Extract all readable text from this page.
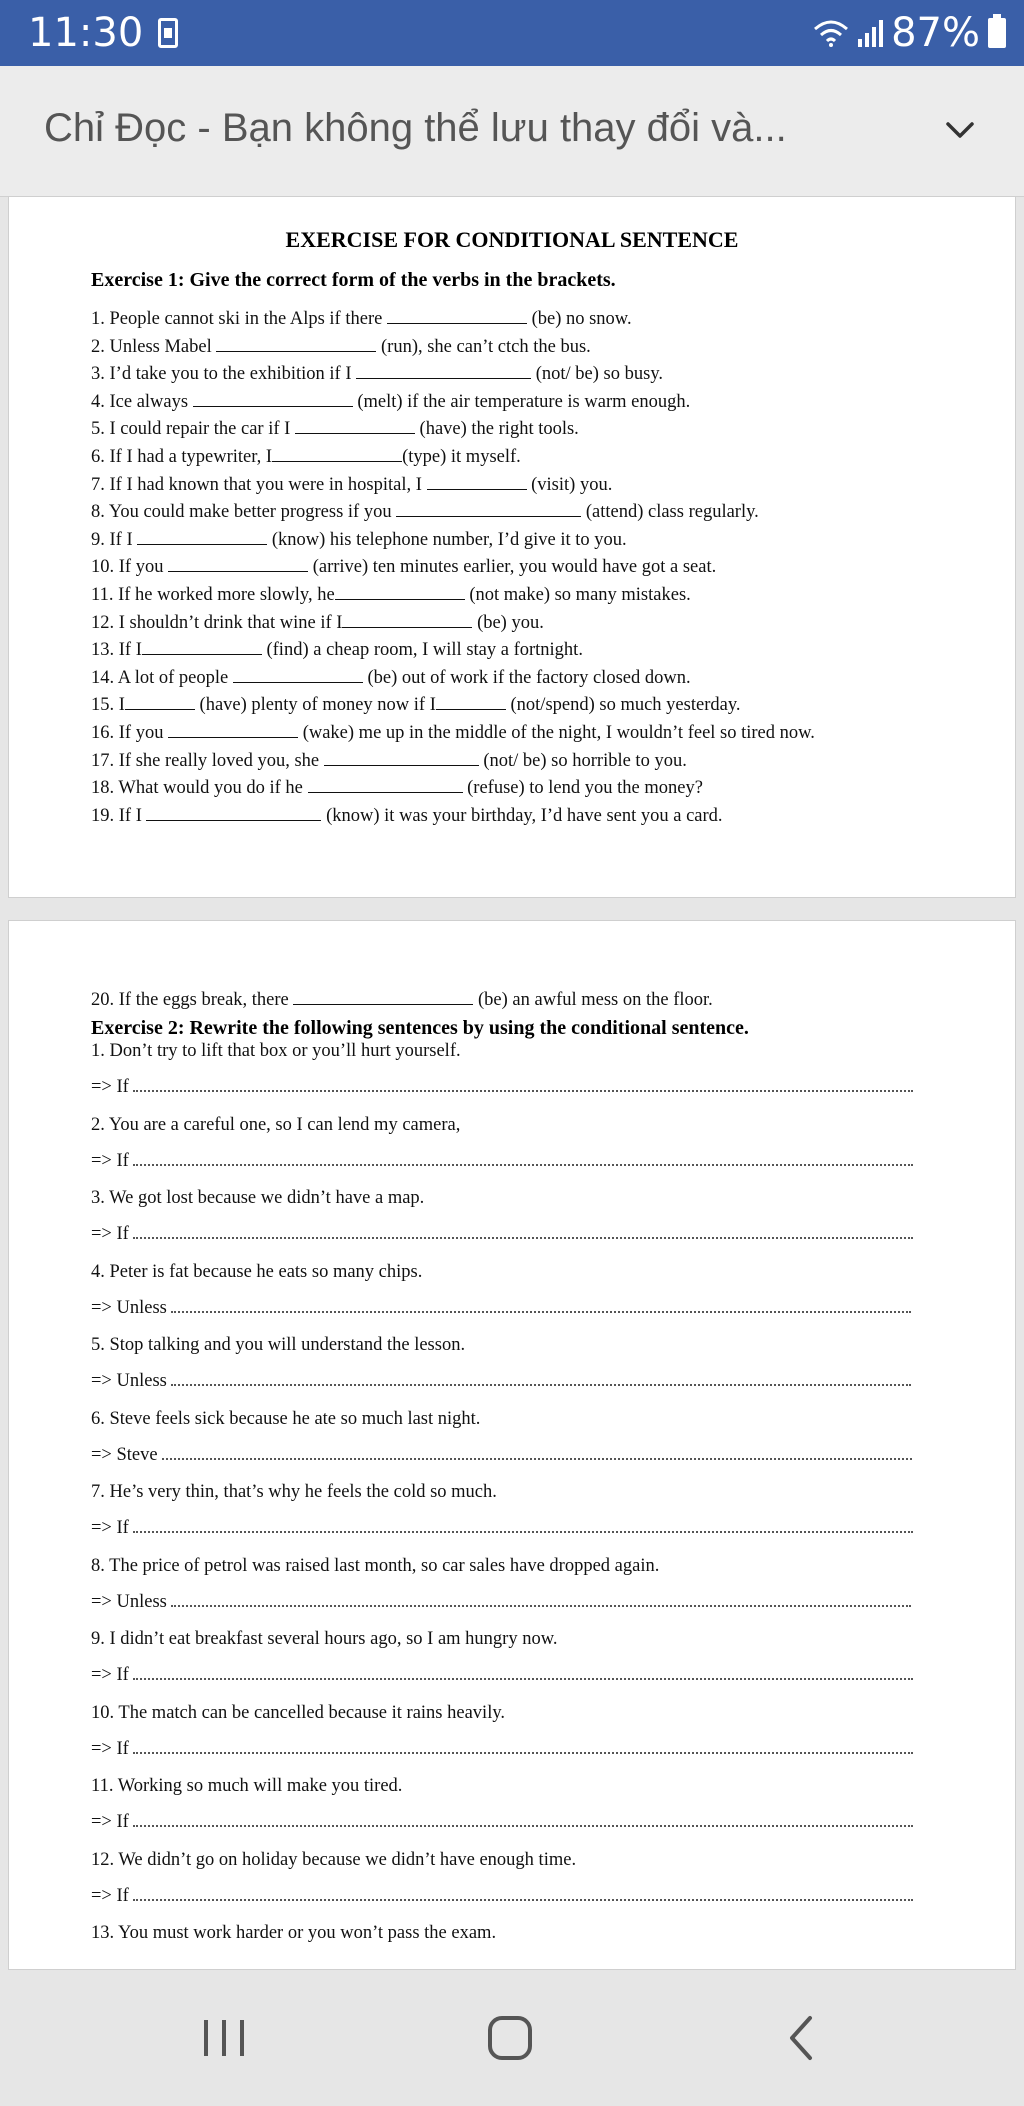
11:30	87%
Chỉ Đọc - Bạn không thể lưu thay đổi và...
EXERCISE FOR CONDITIONAL SENTENCE
Exercise 1: Give the correct form of the verbs in the brackets.
1. People cannot ski in the Alps if there	(be) no snow.
2. Unless Mabel	(run), she can’t ctch the bus.
3. I’d take you to the exhibition if I	(not/ be) so busy.
4. Ice always	(melt) if the air temperature is warm enough.
5. I could repair the car if I	(have) the right tools.
6. If I had a typewriter, I	(type) it myself.
7. If I had known that you were in hospital, I	(visit) you.
8. You could make better progress if you	(attend) class regularly.
9. If I	(know) his telephone number, I’d give it to you.
10. If you	(arrive) ten minutes earlier, you would have got a seat.
11. If he worked more slowly, he	(not make) so many mistakes.
12. I shouldn’t drink that wine if I	(be) you.
13. If I	(find) a cheap room, I will stay a fortnight.
14. A lot of people	(be) out of work if the factory closed down.
15. I	(have) plenty of money now if I	(not/spend) so much yesterday.
16. If you	(wake) me up in the middle of the night, I wouldn’t feel so tired now.
17. If she really loved you, she	(not/ be) so horrible to you.
18. What would you do if he	(refuse) to lend you the money?
19. If I	(know) it was your birthday, I’d have sent you a card.
20. If the eggs break, there	(be) an awful mess on the floor.
Exercise 2: Rewrite the following sentences by using the conditional sentence.
1. Don’t try to lift that box or you’ll hurt yourself.
=> If
2. You are a careful one, so I can lend my camera,
=> If
3. We got lost because we didn’t have a map.
=> If
4. Peter is fat because he eats so many chips.
=> Unless
5. Stop talking and you will understand the lesson.
=> Unless
6. Steve feels sick because he ate so much last night.
=> Steve
7. He’s very thin, that’s why he feels the cold so much.
=> If
8. The price of petrol was raised last month, so car sales have dropped again.
=> Unless
9. I didn’t eat breakfast several hours ago, so I am hungry now.
=> If
10. The match can be cancelled because it rains heavily.
=> If
11. Working so much will make you tired.
=> If
12. We didn’t go on holiday because we didn’t have enough time.
=> If
13. You must work harder or you won’t pass the exam.
